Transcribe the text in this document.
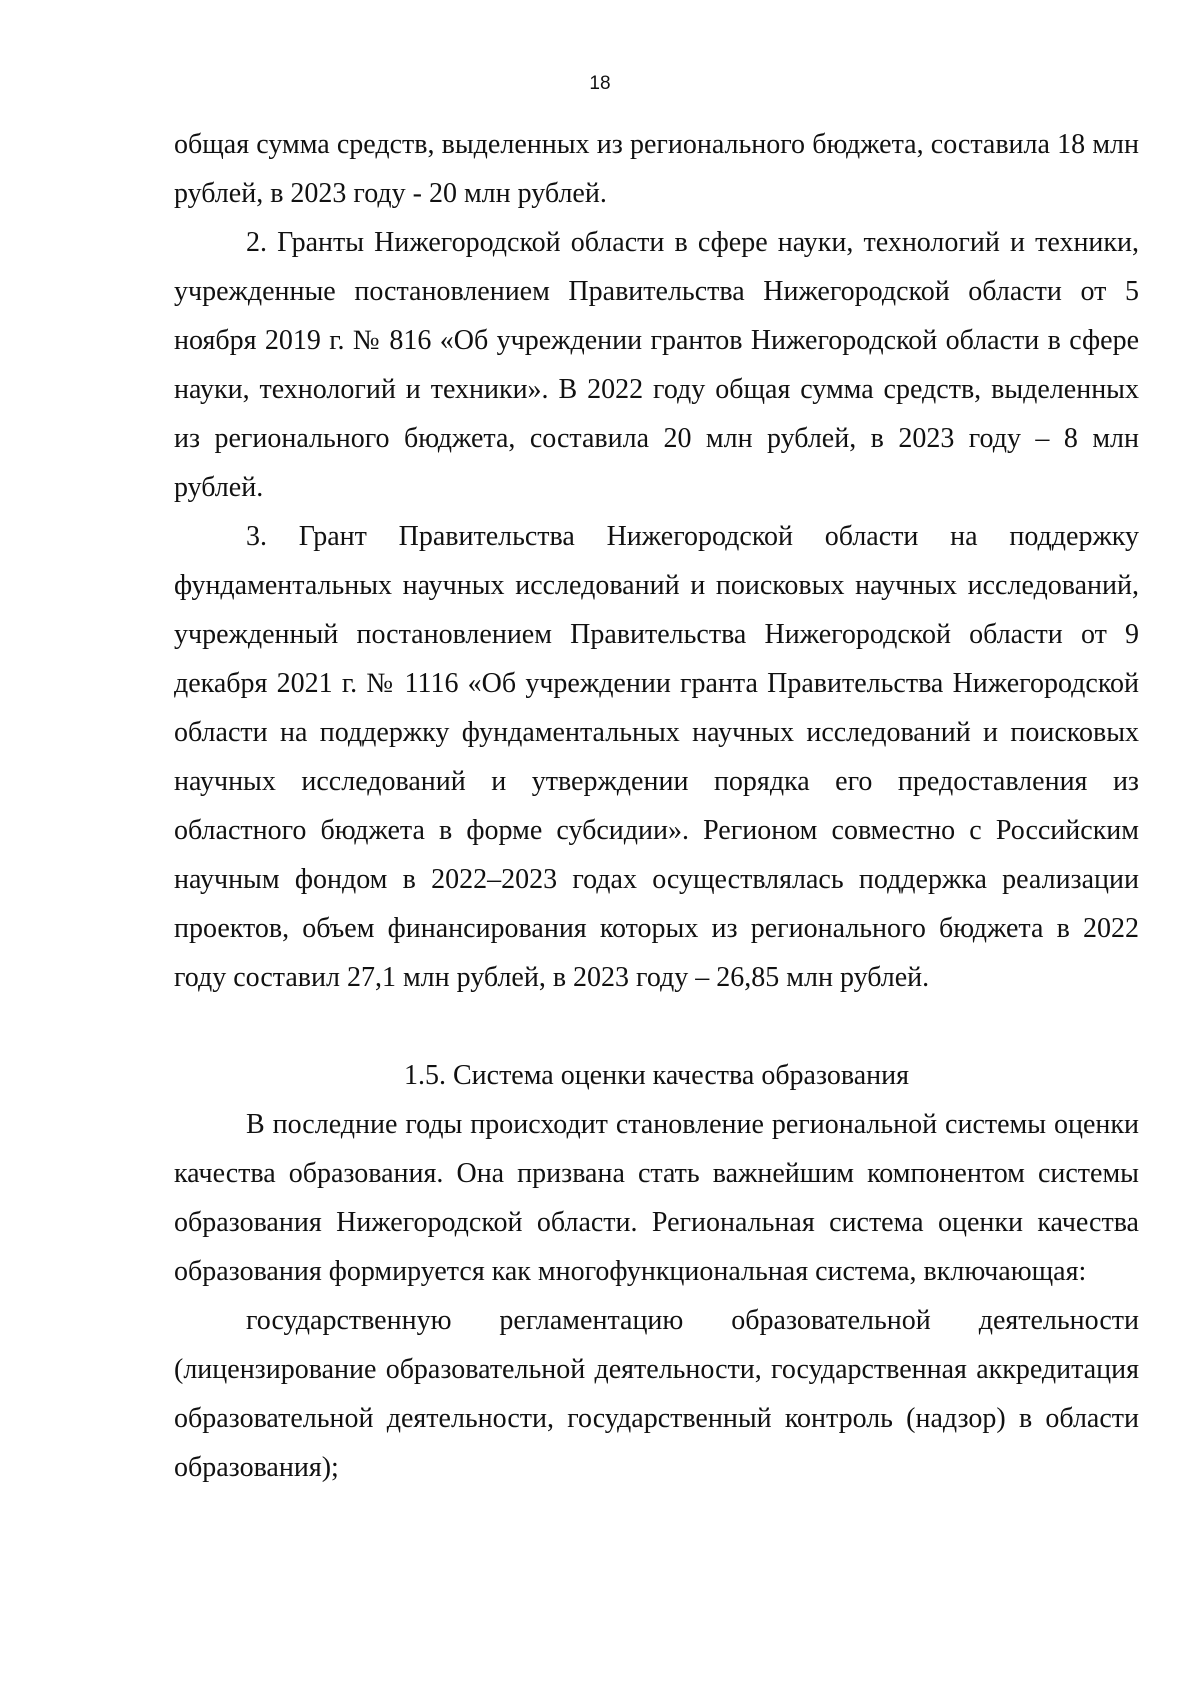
18

общая сумма средств, выделенных из регионального бюджета, составила 18 млн рублей, в 2023 году - 20 млн рублей.

2. Гранты Нижегородской области в сфере науки, технологий и техники, учрежденные постановлением Правительства Нижегородской области от 5 ноября 2019 г. № 816 «Об учреждении грантов Нижегородской области в сфере науки, технологий и техники». В 2022 году общая сумма средств, выделенных из регионального бюджета, составила 20 млн рублей, в 2023 году – 8 млн рублей.

3. Грант Правительства Нижегородской области на поддержку фундаментальных научных исследований и поисковых научных исследований, учрежденный постановлением Правительства Нижегородской области от 9 декабря 2021 г. № 1116 «Об учреждении гранта Правительства Нижегородской области на поддержку фундаментальных научных исследований и поисковых научных исследований и утверждении порядка его предоставления из областного бюджета в форме субсидии». Регионом совместно с Российским научным фондом в 2022–2023 годах осуществлялась поддержка реализации проектов, объем финансирования которых из регионального бюджета в 2022 году составил 27,1 млн рублей, в 2023 году – 26,85 млн рублей.

1.5. Система оценки качества образования

В последние годы происходит становление региональной системы оценки качества образования. Она призвана стать важнейшим компонентом системы образования Нижегородской области. Региональная система оценки качества образования формируется как многофункциональная система, включающая:

государственную регламентацию образовательной деятельности (лицензирование образовательной деятельности, государственная аккредитация образовательной деятельности, государственный контроль (надзор) в области образования);
